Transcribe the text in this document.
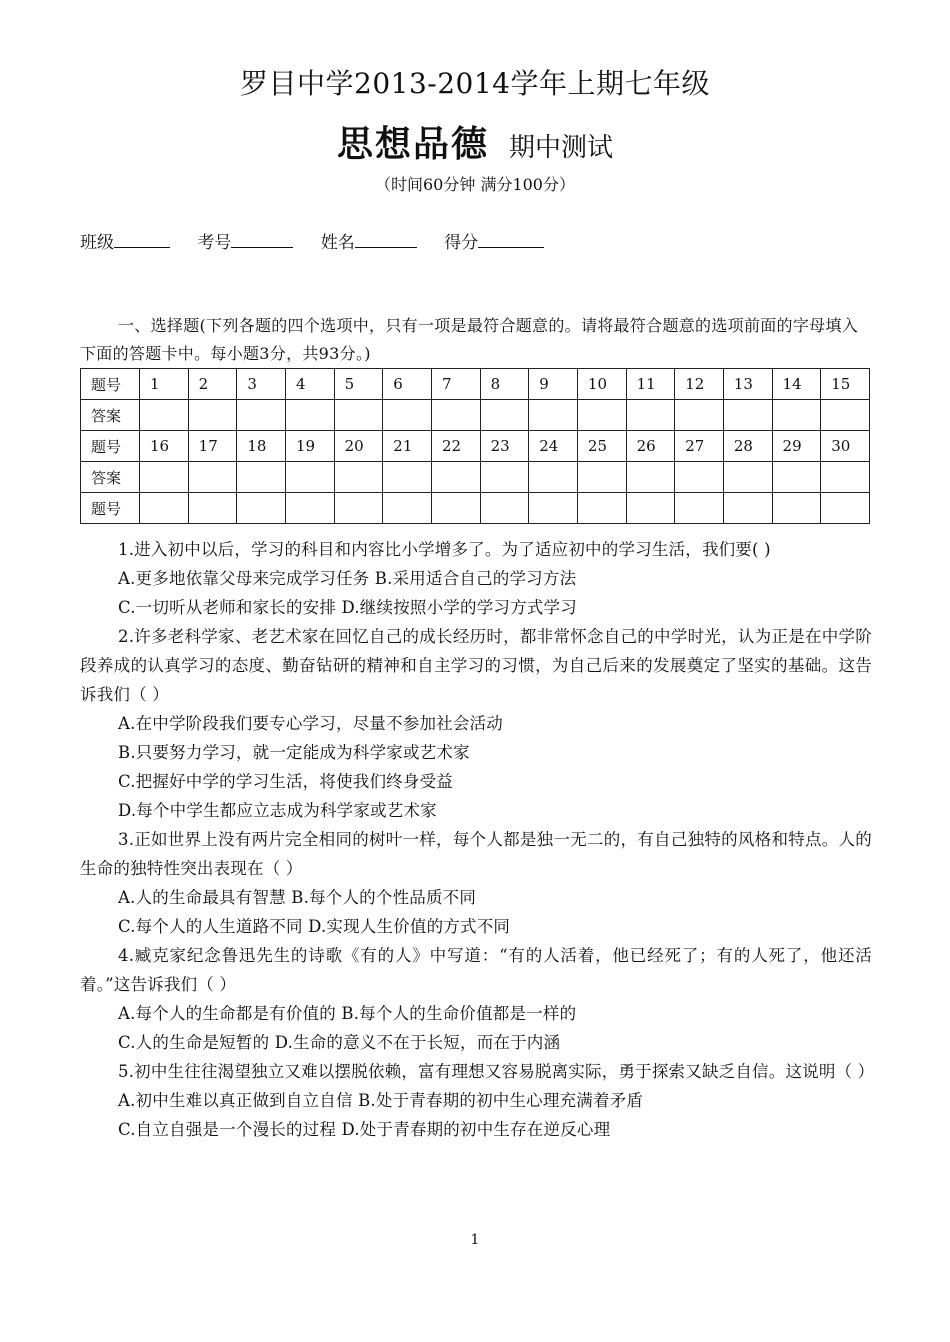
罗目中学2013-2014学年上期七年级
思想品德 期中测试
（时间60分钟 满分100分）
班级	考号	姓名	得分
一、选择题(下列各题的四个选项中，只有一项是最符合题意的。请将最符合题意的选项前面的字母填入下面的答题卡中。每小题3分，共93分。)
题号	1	2	3	4	5	6	7	8	9	10	11	12	13	14	15
答案															
题号	16	17	18	19	20	21	22	23	24	25	26	27	28	29	30
答案															
题号															

1.进入初中以后，学习的科目和内容比小学增多了。为了适应初中的学习生活，我们要( )

A.更多地依靠父母来完成学习任务 B.采用适合自己的学习方法

C.一切听从老师和家长的安排 D.继续按照小学的学习方式学习

2.许多老科学家、老艺术家在回忆自己的成长经历时，都非常怀念自己的中学时光，认为正是在中学阶段养成的认真学习的态度、勤奋钻研的精神和自主学习的习惯，为自己后来的发展奠定了坚实的基础。这告诉我们（ ）

A.在中学阶段我们要专心学习，尽量不参加社会活动

B.只要努力学习，就一定能成为科学家或艺术家

C.把握好中学的学习生活，将使我们终身受益

D.每个中学生都应立志成为科学家或艺术家

3.正如世界上没有两片完全相同的树叶一样，每个人都是独一无二的，有自己独特的风格和特点。人的生命的独特性突出表现在（ ）

A.人的生命最具有智慧 B.每个人的个性品质不同

C.每个人的人生道路不同 D.实现人生价值的方式不同

4.臧克家纪念鲁迅先生的诗歌《有的人》中写道：“有的人活着，他已经死了；有的人死了，他还活着。”这告诉我们（ ）

A.每个人的生命都是有价值的 B.每个人的生命价值都是一样的

C.人的生命是短暂的 D.生命的意义不在于长短，而在于内涵

5.初中生往往渴望独立又难以摆脱依赖，富有理想又容易脱离实际，勇于探索又缺乏自信。这说明（ ）

A.初中生难以真正做到自立自信 B.处于青春期的初中生心理充满着矛盾

C.自立自强是一个漫长的过程 D.处于青春期的初中生存在逆反心理

1
